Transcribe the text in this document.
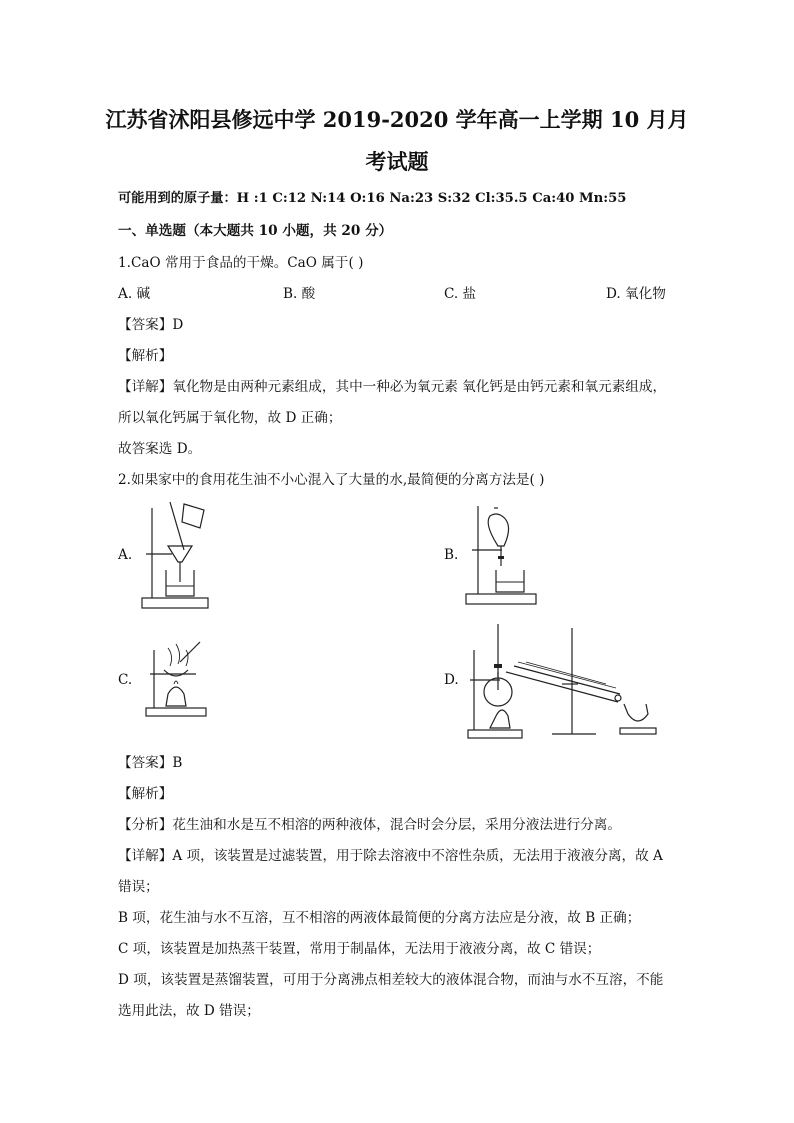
江苏省沭阳县修远中学 2019-2020 学年高一上学期 10 月月
考试题
可能用到的原子量：H :1 C:12 N:14 O:16 Na:23 S:32 Cl:35.5 Ca:40 Mn:55
一、单选题（本大题共 10 小题，共 20 分）
1.CaO 常用于食品的干燥。CaO 属于( )
A. 碱	B. 酸	C. 盐	D. 氧化物
【答案】D
【解析】
【详解】氧化物是由两种元素组成，其中一种必为氧元素 氧化钙是由钙元素和氧元素组成，
所以氧化钙属于氧化物，故 D 正确；
故答案选 D。
2.如果家中的食用花生油不小心混入了大量的水,最简便的分离方法是( )
A.	B.
C.	D.
【答案】B
【解析】
【分析】花生油和水是互不相溶的两种液体，混合时会分层，采用分液法进行分离。
【详解】A 项，该装置是过滤装置，用于除去溶液中不溶性杂质，无法用于液液分离，故 A
错误；
B 项，花生油与水不互溶，互不相溶的两液体最简便的分离方法应是分液，故 B 正确；
C 项，该装置是加热蒸干装置，常用于制晶体，无法用于液液分离，故 C 错误；
D 项，该装置是蒸馏装置，可用于分离沸点相差较大的液体混合物，而油与水不互溶，不能
选用此法，故 D 错误；
